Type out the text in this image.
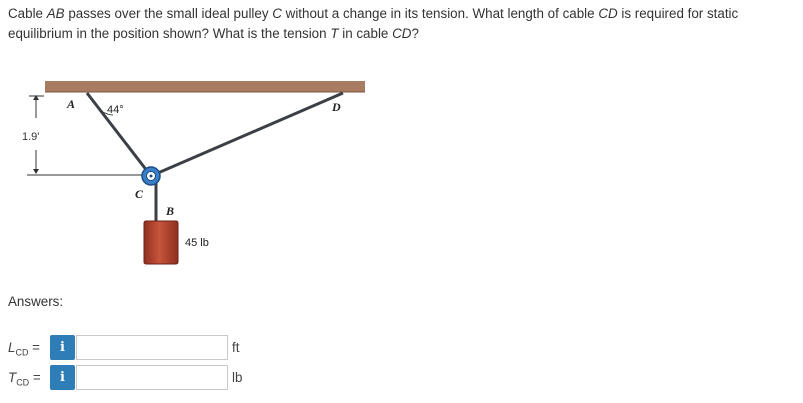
Cable AB passes over the small ideal pulley C without a change in its tension. What length of cable CD is required for static equilibrium in the position shown? What is the tension T in cable CD?
1.9'
A	44°	D
C
B
45 lb
Answers:
$L_{CD}$ =	i	ft
$T_{CD}$ =	i	lb
